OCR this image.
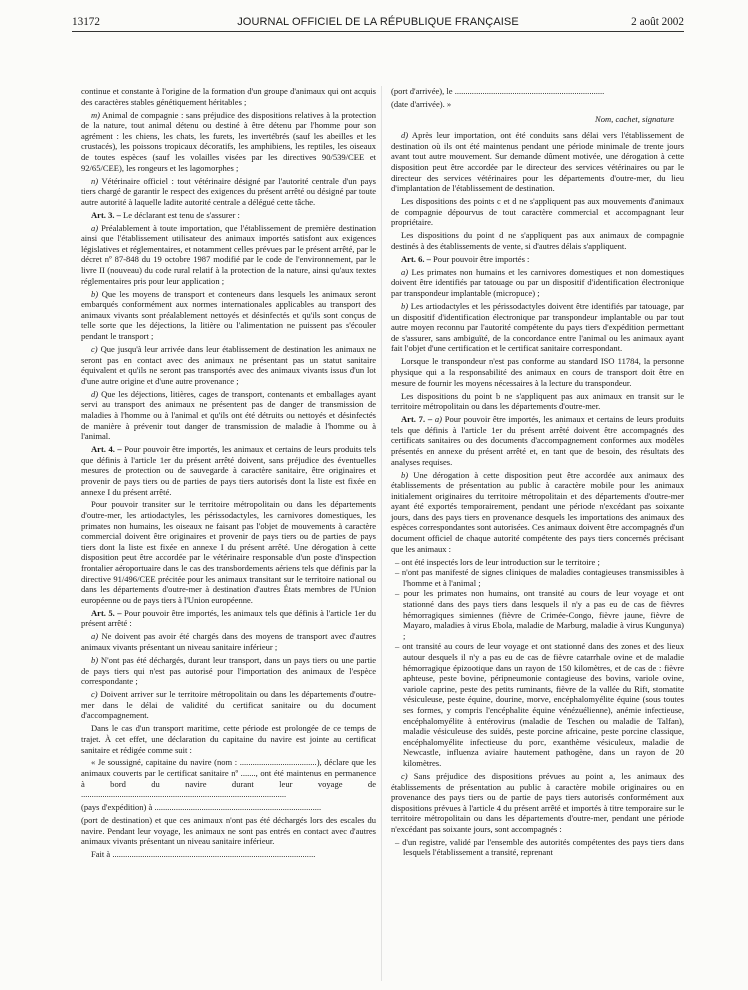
13172	JOURNAL OFFICIEL DE LA RÉPUBLIQUE FRANÇAISE	2 août 2002

continue et constante à l'origine de la formation d'un groupe d'animaux qui ont acquis des caractères stables génétiquement héritables ;

m) Animal de compagnie : sans préjudice des dispositions relatives à la protection de la nature, tout animal détenu ou destiné à être détenu par l'homme pour son agrément : les chiens, les chats, les furets, les invertébrés (sauf les abeilles et les crustacés), les poissons tropicaux décoratifs, les amphibiens, les reptiles, les oiseaux de toutes espèces (sauf les volailles visées par les directives 90/539/CEE et 92/65/CEE), les rongeurs et les lagomorphes ;

n) Vétérinaire officiel : tout vétérinaire désigné par l'autorité centrale d'un pays tiers chargé de garantir le respect des exigences du présent arrêté ou désigné par toute autre autorité à laquelle ladite autorité centrale a délégué cette tâche.

Art. 3. – Le déclarant est tenu de s'assurer :

a) Préalablement à toute importation, que l'établissement de première destination ainsi que l'établissement utilisateur des animaux importés satisfont aux exigences législatives et réglementaires, et notamment celles prévues par le présent arrêté, par le décret nº 87-848 du 19 octobre 1987 modifié par le code de l'environnement, par le livre II (nouveau) du code rural relatif à la protection de la nature, ainsi qu'aux textes réglementaires pris pour leur application ;

b) Que les moyens de transport et conteneurs dans lesquels les animaux seront embarqués conformément aux normes internationales applicables au transport des animaux vivants sont préalablement nettoyés et désinfectés et qu'ils sont conçus de telle sorte que les déjections, la litière ou l'alimentation ne puissent pas s'écouler pendant le transport ;

c) Que jusqu'à leur arrivée dans leur établissement de destination les animaux ne seront pas en contact avec des animaux ne présentant pas un statut sanitaire équivalent et qu'ils ne seront pas transportés avec des animaux vivants issus d'un lot d'une autre origine et d'une autre provenance ;

d) Que les déjections, litières, cages de transport, contenants et emballages ayant servi au transport des animaux ne présentent pas de danger de transmission de maladies à l'homme ou à l'animal et qu'ils ont été détruits ou nettoyés et désinfectés de manière à prévenir tout danger de transmission de maladie à l'homme ou à l'animal.

Art. 4. – Pour pouvoir être importés, les animaux et certains de leurs produits tels que définis à l'article 1er du présent arrêté doivent, sans préjudice des éventuelles mesures de protection ou de sauvegarde à caractère sanitaire, être originaires et provenir de pays tiers ou de parties de pays tiers autorisés dont la liste est fixée en annexe I du présent arrêté.

Pour pouvoir transiter sur le territoire métropolitain ou dans les départements d'outre-mer, les artiodactyles, les périssodactyles, les carnivores domestiques, les primates non humains, les oiseaux ne faisant pas l'objet de mouvements à caractère commercial doivent être originaires et provenir de pays tiers ou de parties de pays tiers dont la liste est fixée en annexe I du présent arrêté. Une dérogation à cette disposition peut être accordée par le vétérinaire responsable d'un poste d'inspection frontalier aéroportuaire dans le cas des transbordements aériens tels que définis par la directive 91/496/CEE précitée pour les animaux transitant sur le territoire national ou dans les départements d'outre-mer à destination d'autres États membres de l'Union européenne ou de pays tiers à l'Union européenne.

Art. 5. – Pour pouvoir être importés, les animaux tels que définis à l'article 1er du présent arrêté :

a) Ne doivent pas avoir été chargés dans des moyens de transport avec d'autres animaux vivants présentant un niveau sanitaire inférieur ;

b) N'ont pas été déchargés, durant leur transport, dans un pays tiers ou une partie de pays tiers qui n'est pas autorisé pour l'importation des animaux de l'espèce correspondante ;

c) Doivent arriver sur le territoire métropolitain ou dans les départements d'outre-mer dans le délai de validité du certificat sanitaire ou du document d'accompagnement.

Dans le cas d'un transport maritime, cette période est prolongée de ce temps de trajet. À cet effet, une déclaration du capitaine du navire est jointe au certificat sanitaire et rédigée comme suit :

« Je soussigné, capitaine du navire (nom : ....................................), déclare que les animaux couverts par le certificat sanitaire nº ......., ont été maintenus en permanence à bord du navire durant leur voyage de ................................................................................................

(pays d'expédition) à ..............................................................................

(port de destination) et que ces animaux n'ont pas été déchargés lors des escales du navire. Pendant leur voyage, les animaux ne sont pas entrés en contact avec d'autres animaux vivants présentant un niveau sanitaire inférieur.

Fait à ...............................................................................................

(port d'arrivée), le ......................................................................

(date d'arrivée). »

Nom, cachet, signature

d) Après leur importation, ont été conduits sans délai vers l'établissement de destination où ils ont été maintenus pendant une période minimale de trente jours avant tout autre mouvement. Sur demande dûment motivée, une dérogation à cette disposition peut être accordée par le directeur des services vétérinaires ou par le directeur des services vétérinaires pour les départements d'outre-mer, du lieu d'implantation de l'établissement de destination.

Les dispositions des points c et d ne s'appliquent pas aux mouvements d'animaux de compagnie dépourvus de tout caractère commercial et accompagnant leur propriétaire.

Les dispositions du point d ne s'appliquent pas aux animaux de compagnie destinés à des établissements de vente, si d'autres délais s'appliquent.

Art. 6. – Pour pouvoir être importés :

a) Les primates non humains et les carnivores domestiques et non domestiques doivent être identifiés par tatouage ou par un dispositif d'identification électronique par transpondeur implantable (micropuce) ;

b) Les artiodactyles et les périssodactyles doivent être identifiés par tatouage, par un dispositif d'identification électronique par transpondeur implantable ou par tout autre moyen reconnu par l'autorité compétente du pays tiers d'expédition permettant de s'assurer, sans ambiguïté, de la concordance entre l'animal ou les animaux ayant fait l'objet d'une certification et le certificat sanitaire correspondant.

Lorsque le transpondeur n'est pas conforme au standard ISO 11784, la personne physique qui a la responsabilité des animaux en cours de transport doit être en mesure de fournir les moyens nécessaires à la lecture du transpondeur.

Les dispositions du point b ne s'appliquent pas aux animaux en transit sur le territoire métropolitain ou dans les départements d'outre-mer.

Art. 7. – a) Pour pouvoir être importés, les animaux et certains de leurs produits tels que définis à l'article 1er du présent arrêté doivent être accompagnés des certificats sanitaires ou des documents d'accompagnement conformes aux modèles présentés en annexe du présent arrêté et, en tant que de besoin, des résultats des analyses requises.

b) Une dérogation à cette disposition peut être accordée aux animaux des établissements de présentation au public à caractère mobile pour les animaux initialement originaires du territoire métropolitain et des départements d'outre-mer ayant été exportés temporairement, pendant une période n'excédant pas soixante jours, dans des pays tiers en provenance desquels les importations des animaux des espèces correspondantes sont autorisées. Ces animaux doivent être accompagnés d'un document officiel de chaque autorité compétente des pays tiers concernés précisant que les animaux :

– ont été inspectés lors de leur introduction sur le territoire ;
– n'ont pas manifesté de signes cliniques de maladies contagieuses transmissibles à l'homme et à l'animal ;
– pour les primates non humains, ont transité au cours de leur voyage et ont stationné dans des pays tiers dans lesquels il n'y a pas eu de cas de fièvres hémorragiques simiennes (fièvre de Crimée-Congo, fièvre jaune, fièvre de Mayaro, maladies à virus Ebola, maladie de Marburg, maladie à virus Kungunya) ;
– ont transité au cours de leur voyage et ont stationné dans des zones et des lieux autour desquels il n'y a pas eu de cas de fièvre catarrhale ovine et de maladie hémorragique épizootique dans un rayon de 150 kilomètres, et de cas de : fièvre aphteuse, peste bovine, péripneumonie contagieuse des bovins, variole ovine, variole caprine, peste des petits ruminants, fièvre de la vallée du Rift, stomatite vésiculeuse, peste équine, dourine, morve, encéphalomyélite équine (sous toutes ses formes, y compris l'encéphalite équine vénézuélienne), anémie infectieuse, encéphalomyélite à entérovirus (maladie de Teschen ou maladie de Talfan), maladie vésiculeuse des suidés, peste porcine africaine, peste porcine classique, encéphalomyélite infectieuse du porc, exanthème vésiculeux, maladie de Newcastle, influenza aviaire hautement pathogène, dans un rayon de 20 kilomètres.

c) Sans préjudice des dispositions prévues au point a, les animaux des établissements de présentation au public à caractère mobile originaires ou en provenance des pays tiers ou de partie de pays tiers autorisés conformément aux dispositions prévues à l'article 4 du présent arrêté et importés à titre temporaire sur le territoire métropolitain ou dans les départements d'outre-mer, pendant une période n'excédant pas soixante jours, sont accompagnés :

– d'un registre, validé par l'ensemble des autorités compétentes des pays tiers dans lesquels l'établissement a transité, reprenant
